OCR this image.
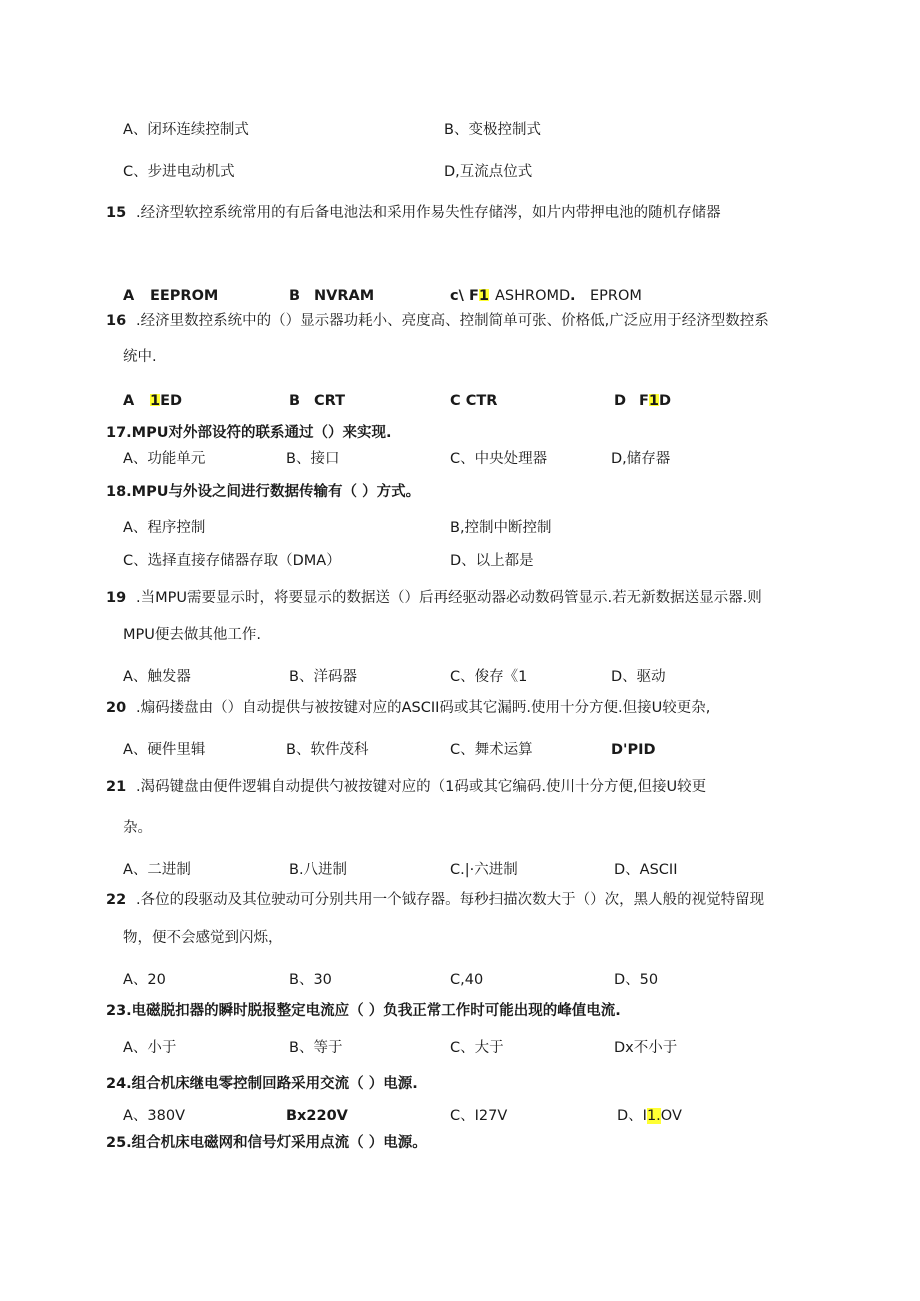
A、闭环连续控制式	B、变极控制式
C、步进电动机式	D,互流点位式
15 .经济型软控系统常用的有后备电池法和采用作易失性存储涔，如片内带押电池的随机存储器
A EEPROM	B NVRAM	c\ F1 ASHROMD . EPROM
16 .经济里数控系统中的（）显示器功耗小、亮度高、控制简单可张、价格低,广泛应用于经济型数控系
统中.
A 1ED	B CRT	C CTR	D F1D
17.MPU对外部设符的联系通过（）来实现.
A、功能单元	B、接口	C、中央处理器	D,储存器
18.MPU与外设之间进行数据传输有（ ）方式。
A、程序控制	B,控制中断控制
C、选择直接存储器存取（DMA）	D、以上都是
19 .当MPU需要显示时，将要显示的数据送（）后再经驱动器必动数码管显示.若无新数据送显示器.则
MPU便去做其他工作.
A、触发器	B、洋码器	C、俊存《1	D、驱动
20 .煽码搂盘由（）自动提供与被按键对应的ASCII码或其它漏眄.使用十分方便.但接U较更杂,
A、硬件里辑	B、软件茂科	C、舞术运算	D'PID
21 .渴码键盘由便件逻辑自动提供勺被按键对应的（1码或其它编码.使川十分方便,但接U较更
杂。
A、二进制	B.八进制	C.|·六进制	D、ASCII
22 .各位的段驱动及其位驶动可分别共用一个钺存器。每秒扫描次数大于（）次，黑人般的视觉特留现
物，便不会感觉到闪烁，
A、20	B、30	C,40	D、50
23.电磁脱扣器的瞬时脱报整定电流应（ ）负我正常工作时可能出现的峰值电流.
A、小于	B、等于	C、大于	Dx不小于
24.组合机床继电零控制回路采用交流（ ）电源.
A、380V	Bx220V	C、I27V	D、I1.OV
25.组合机床电磁网和信号灯采用点流（ ）电源。
